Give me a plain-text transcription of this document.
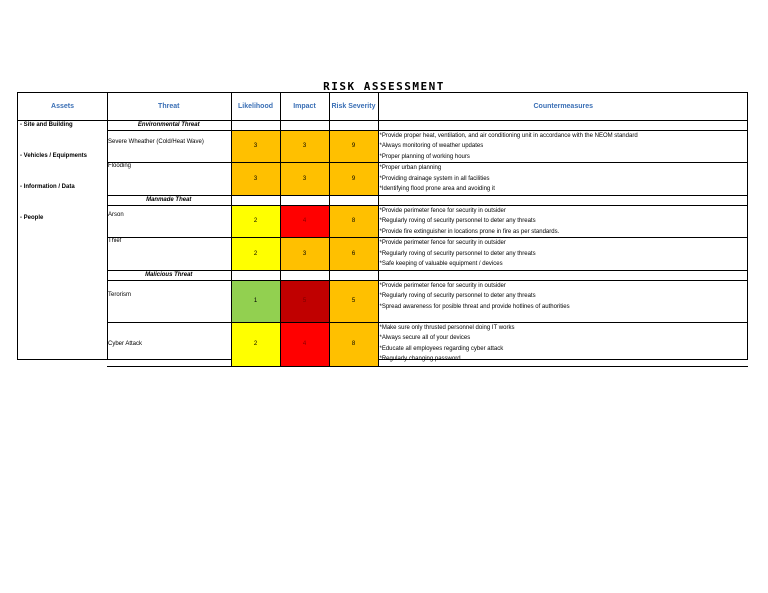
RISK ASSESSMENT
Assets
- Site and Building
- Vehicles / Equipments
- Information / Data
- People
Threat	Likelihood	Impact	Risk Severity	Countermeasures
Environmental Threat				
Severe Wheather (Cold/Heat Wave)	3	3	9	*Provide proper heat, ventilation, and air conditioning unit in accordance with the NEOM standard
*Always monitoring of weather updates
*Proper planning of working hours

Flooding	3	3	9	*Proper urban planning
*Providing drainage system in all facilities
*Identifying flood prone area and avoiding it

Manmade Theat				
Arson	2	4	8	*Provide perimeter fence for security in outsider
*Regularly roving of security personnel to deter any threats
*Provide fire extinguisher in locations prone in fire as per standards.

Thief	2	3	6	*Provide perimeter fence for security in outsider
*Regularly roving of security personnel to deter any threats
*Safe keeping of valuable equipment / devices

Malicious Threat				
Terorism	1	5	5	*Provide perimeter fence for security in outsider
*Regularly roving of security personnel to deter any threats
*Spread awareness for posible threat and provide hotlines of authorities

Cyber Attack	2	4	8	*Make sure only thrusted personnel doing IT works
*Always secure all of your devices
*Educate all employees regarding cyber attack
*Regularly changing password
